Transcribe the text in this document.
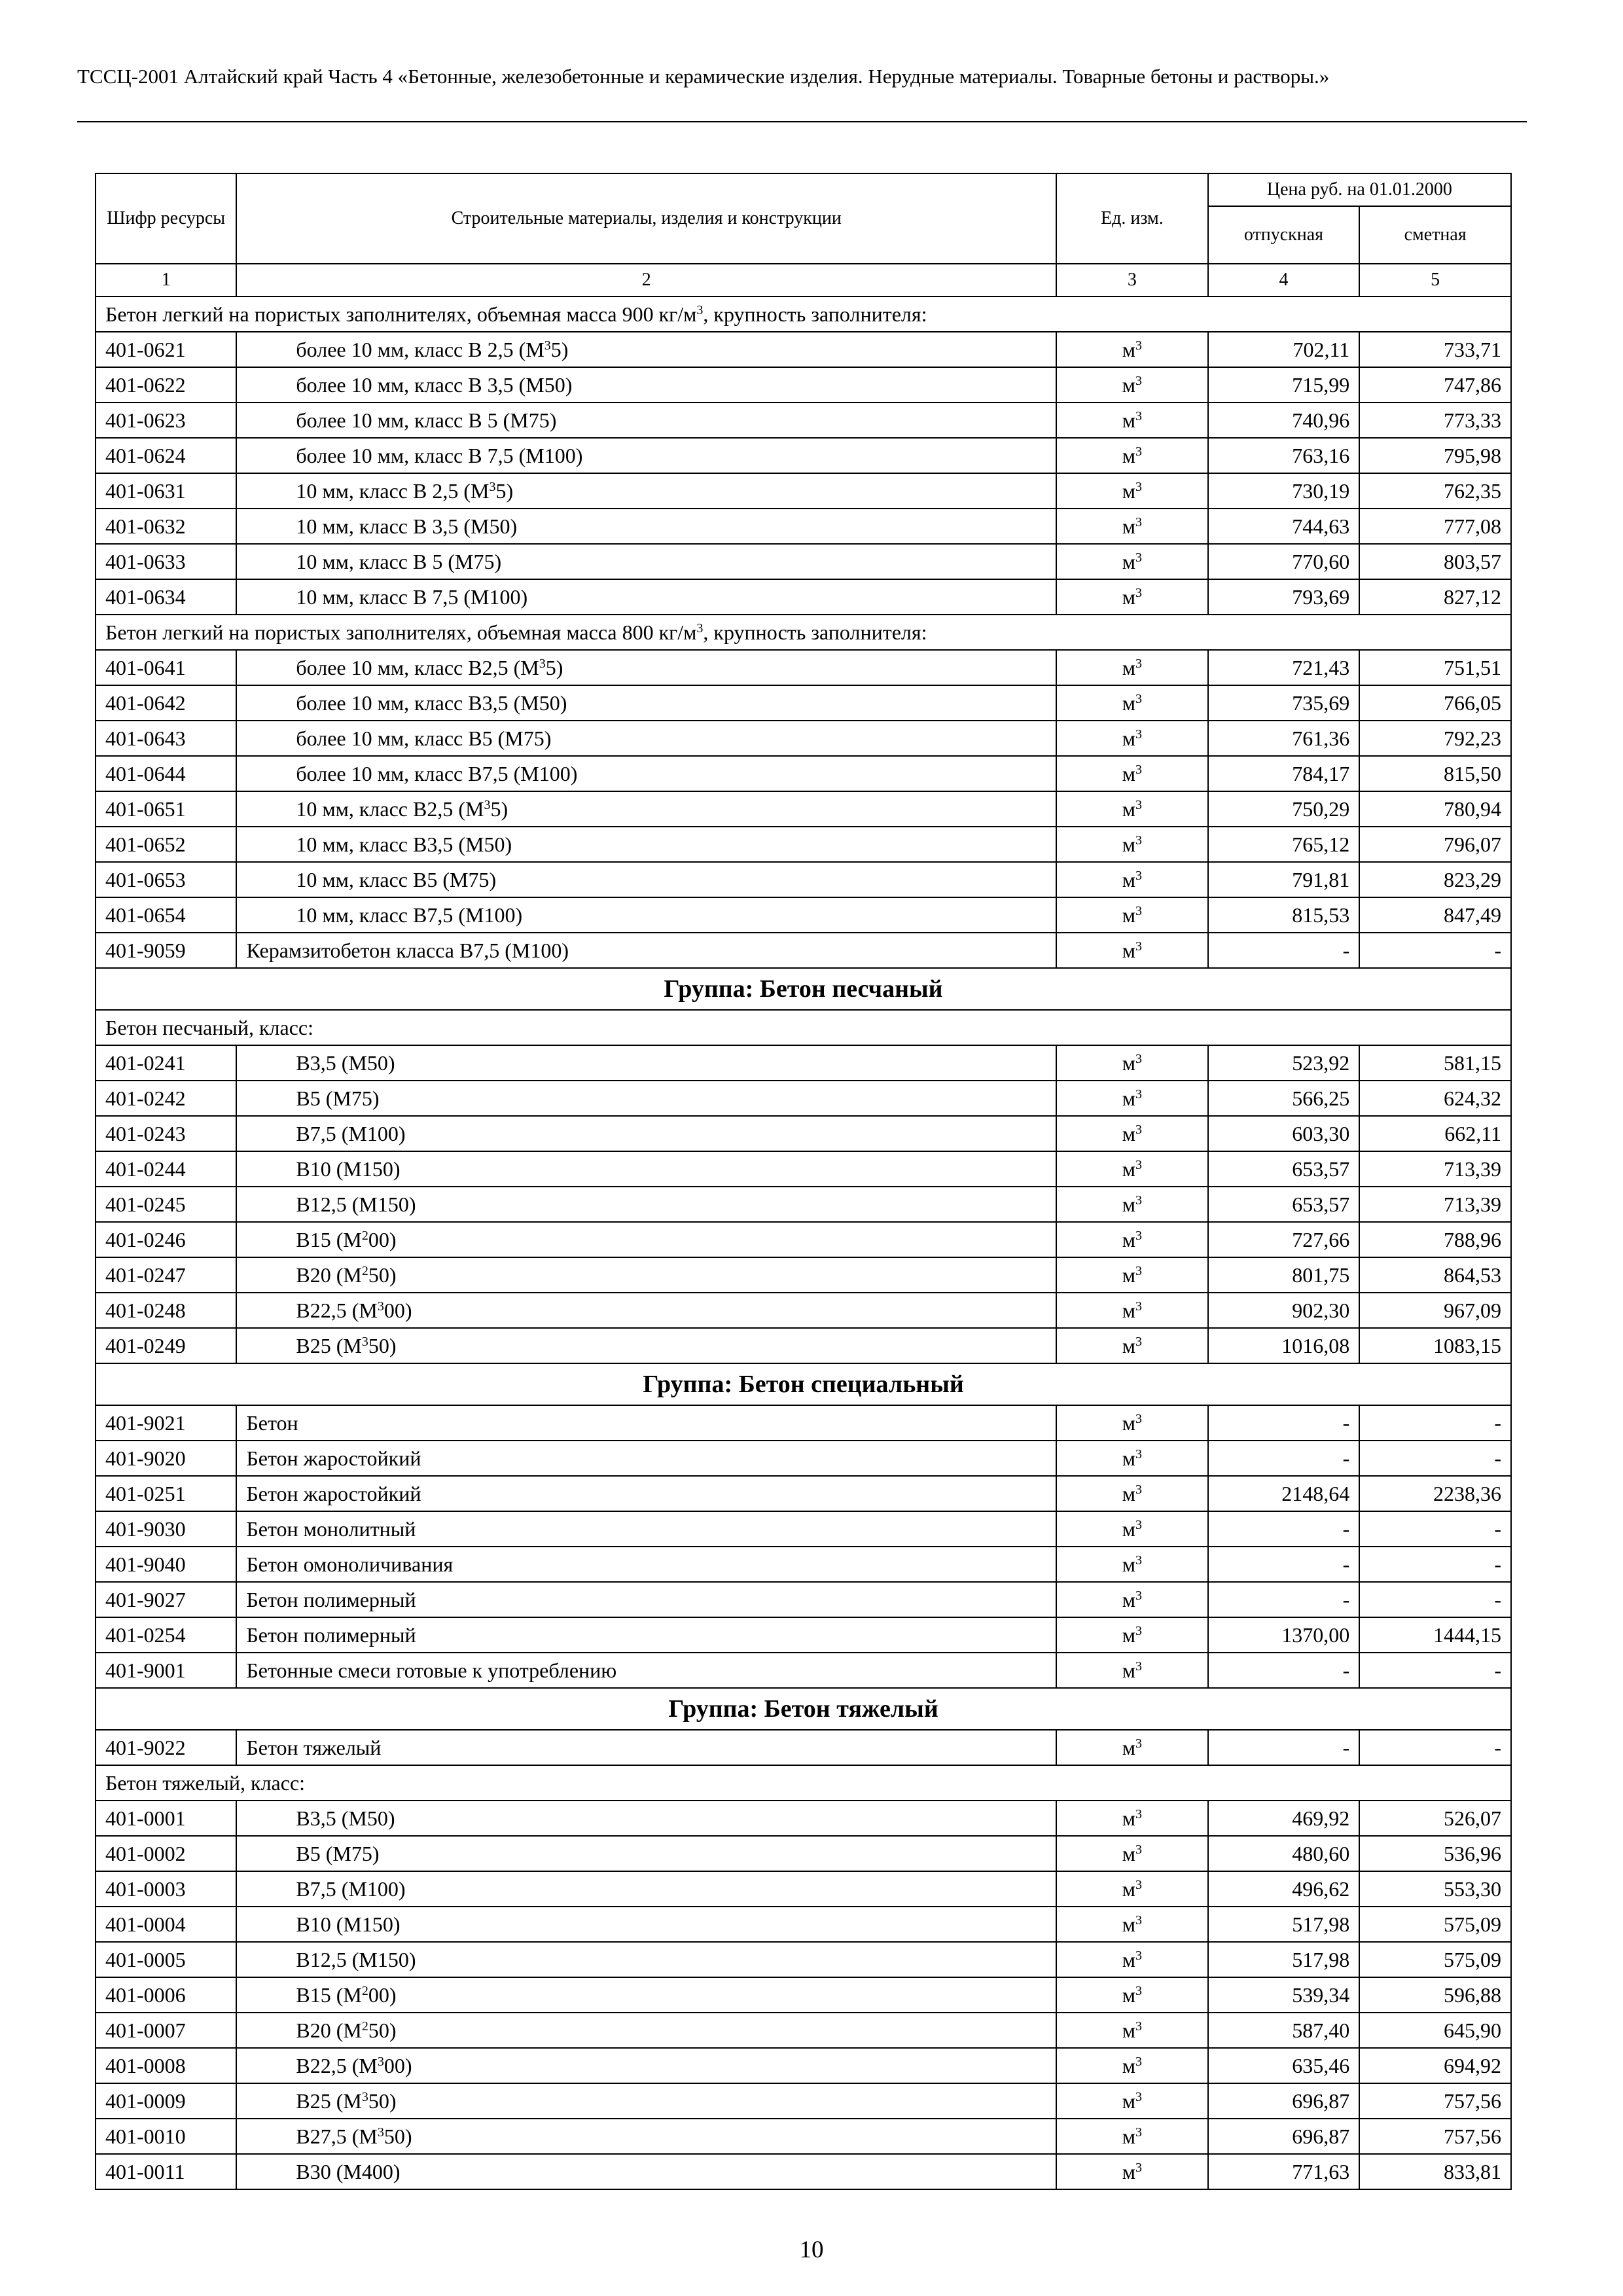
ТССЦ-2001 Алтайский край Часть 4 «Бетонные, железобетонные и керамические изделия. Нерудные материалы. Товарные бетоны и растворы.»
Шифр ресурсы	Строительные материалы, изделия и конструкции	Ед. изм.	Цена руб. на 01.01.2000	
			отпускная	сметная
1	2	3	4	5
Бетон легкий на пористых заполнителях, объемная масса 900 $кг/м^3$, крупность заполнителя:				
401-0621	более 10 мм, класс В 2,5 $(М^35)$	$м^3$	702,11	733,71
401-0622	более 10 мм, класс В 3,5 (М50)	$м^3$	715,99	747,86
401-0623	более 10 мм, класс В 5 (М75)	$м^3$	740,96	773,33
401-0624	более 10 мм, класс В 7,5 (М100)	$м^3$	763,16	795,98
401-0631	10 мм, класс В 2,5 $(М^35)$	$м^3$	730,19	762,35
401-0632	10 мм, класс В 3,5 (М50)	$м^3$	744,63	777,08
401-0633	10 мм, класс В 5 (М75)	$м^3$	770,60	803,57
401-0634	10 мм, класс В 7,5 (М100)	$м^3$	793,69	827,12
Бетон легкий на пористых заполнителях, объемная масса 800 $кг/м^3$, крупность заполнителя:				
401-0641	более 10 мм, класс В2,5 $(М^35)$	$м^3$	721,43	751,51
401-0642	более 10 мм, класс В3,5 (М50)	$м^3$	735,69	766,05
401-0643	более 10 мм, класс В5 (М75)	$м^3$	761,36	792,23
401-0644	более 10 мм, класс В7,5 (М100)	$м^3$	784,17	815,50
401-0651	10 мм, класс В2,5 $(М^35)$	$м^3$	750,29	780,94
401-0652	10 мм, класс В3,5 (М50)	$м^3$	765,12	796,07
401-0653	10 мм, класс В5 (М75)	$м^3$	791,81	823,29
401-0654	10 мм, класс В7,5 (М100)	$м^3$	815,53	847,49
401-9059	Керамзитобетон класса В7,5 (М100)	$м^3$	-	-
Группа: Бетон песчаный				
Бетон песчаный, класс:				
401-0241	В3,5 (М50)	$м^3$	523,92	581,15
401-0242	В5 (М75)	$м^3$	566,25	624,32
401-0243	В7,5 (М100)	$м^3$	603,30	662,11
401-0244	В10 (М150)	$м^3$	653,57	713,39
401-0245	В12,5 (М150)	$м^3$	653,57	713,39
401-0246	В15 $(М^200)$	$м^3$	727,66	788,96
401-0247	В20 $(М^250)$	$м^3$	801,75	864,53
401-0248	В22,5 $(М^300)$	$м^3$	902,30	967,09
401-0249	В25 $(М^350)$	$м^3$	1016,08	1083,15
Группа: Бетон специальный				
401-9021	Бетон	$м^3$	-	-
401-9020	Бетон жаростойкий	$м^3$	-	-
401-0251	Бетон жаростойкий	$м^3$	2148,64	2238,36
401-9030	Бетон монолитный	$м^3$	-	-
401-9040	Бетон омоноличивания	$м^3$	-	-
401-9027	Бетон полимерный	$м^3$	-	-
401-0254	Бетон полимерный	$м^3$	1370,00	1444,15
401-9001	Бетонные смеси готовые к употреблению	$м^3$	-	-
Группа: Бетон тяжелый				
401-9022	Бетон тяжелый	$м^3$	-	-
Бетон тяжелый, класс:				
401-0001	В3,5 (М50)	$м^3$	469,92	526,07
401-0002	В5 (М75)	$м^3$	480,60	536,96
401-0003	В7,5 (М100)	$м^3$	496,62	553,30
401-0004	В10 (М150)	$м^3$	517,98	575,09
401-0005	В12,5 (М150)	$м^3$	517,98	575,09
401-0006	В15 $(М^200)$	$м^3$	539,34	596,88
401-0007	В20 $(М^250)$	$м^3$	587,40	645,90
401-0008	В22,5 $(М^300)$	$м^3$	635,46	694,92
401-0009	В25 $(М^350)$	$м^3$	696,87	757,56
401-0010	В27,5 $(М^350)$	$м^3$	696,87	757,56
401-0011	В30 (М400)	$м^3$	771,63	833,81
10
